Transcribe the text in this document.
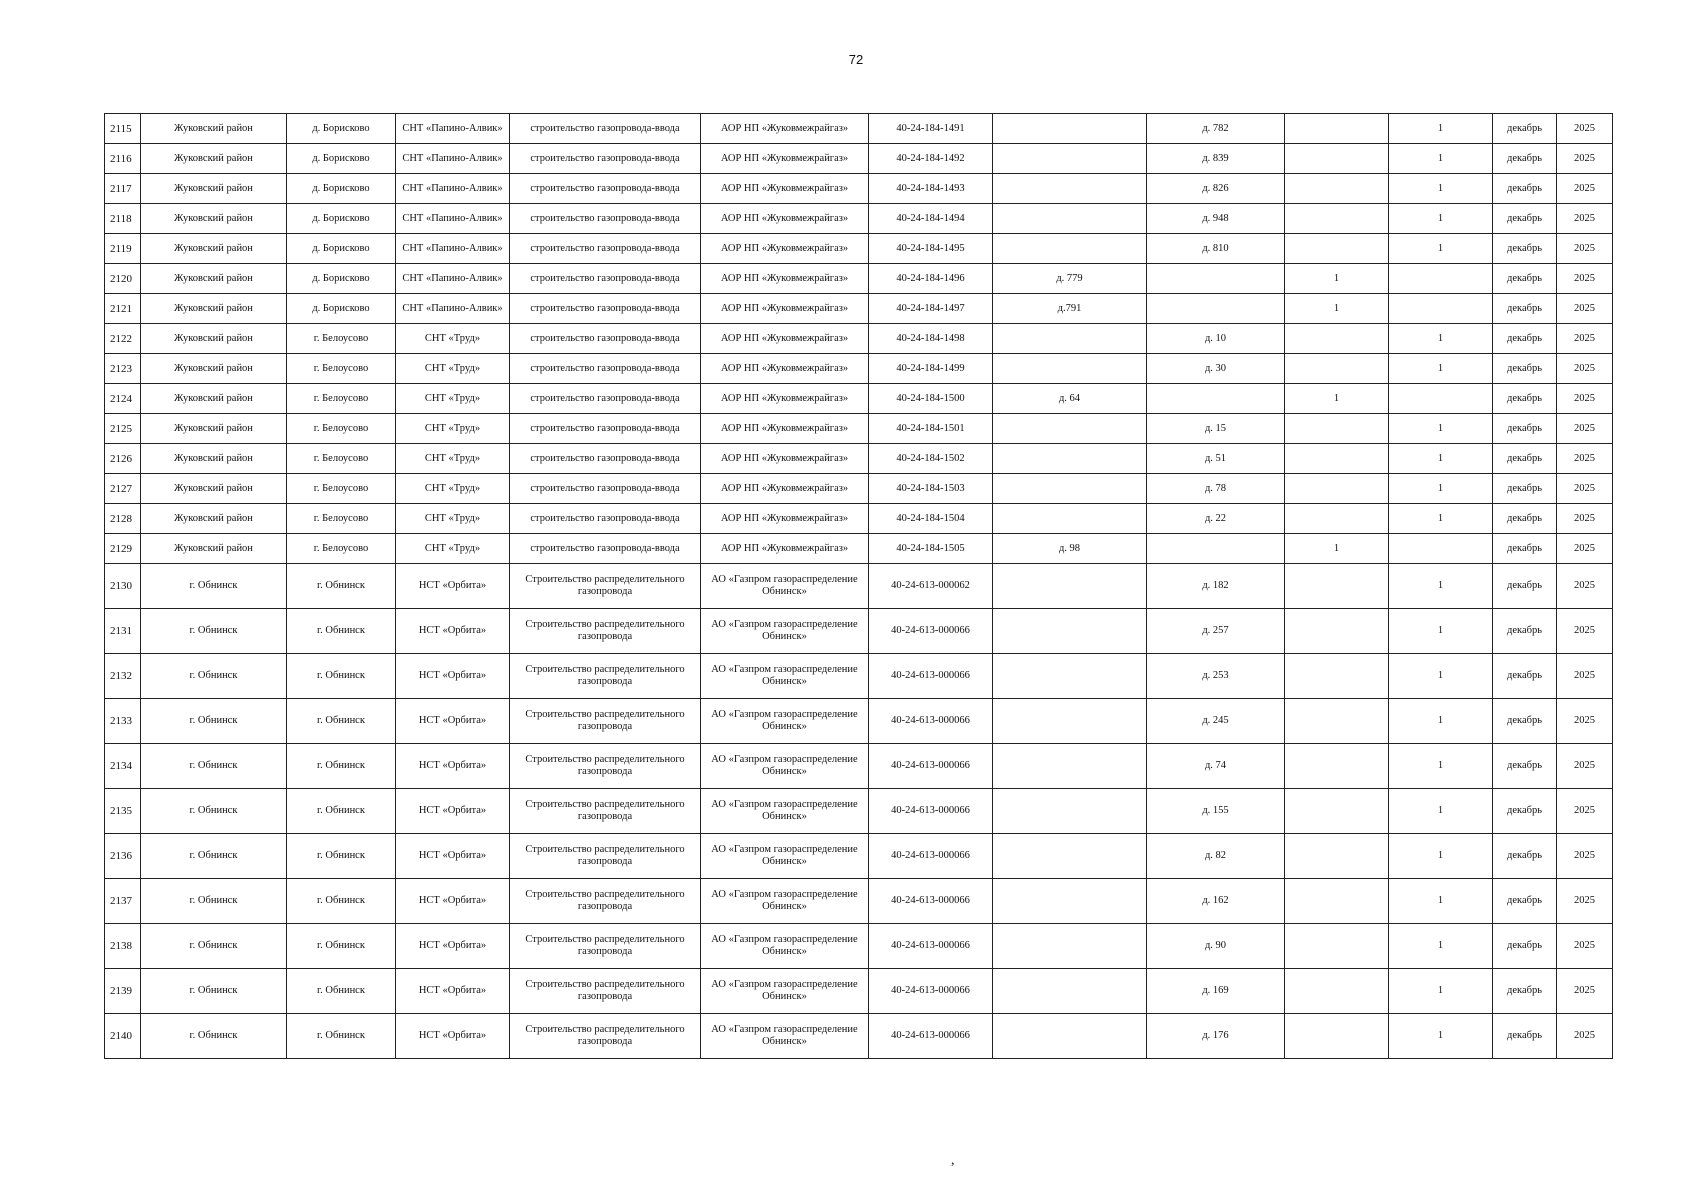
72
2115	Жуковский район	д. Борисково	СНТ «Папино-Алвик»	строительство газопровода-ввода	АОР НП «Жуковмежрайгаз»	40-24-184-1491		д. 782		1	декабрь	2025
2116	Жуковский район	д. Борисково	СНТ «Папино-Алвик»	строительство газопровода-ввода	АОР НП «Жуковмежрайгаз»	40-24-184-1492		д. 839		1	декабрь	2025
2117	Жуковский район	д. Борисково	СНТ «Папино-Алвик»	строительство газопровода-ввода	АОР НП «Жуковмежрайгаз»	40-24-184-1493		д. 826		1	декабрь	2025
2118	Жуковский район	д. Борисково	СНТ «Папино-Алвик»	строительство газопровода-ввода	АОР НП «Жуковмежрайгаз»	40-24-184-1494		д. 948		1	декабрь	2025
2119	Жуковский район	д. Борисково	СНТ «Папино-Алвик»	строительство газопровода-ввода	АОР НП «Жуковмежрайгаз»	40-24-184-1495		д. 810		1	декабрь	2025
2120	Жуковский район	д. Борисково	СНТ «Папино-Алвик»	строительство газопровода-ввода	АОР НП «Жуковмежрайгаз»	40-24-184-1496	д. 779		1		декабрь	2025
2121	Жуковский район	д. Борисково	СНТ «Папино-Алвик»	строительство газопровода-ввода	АОР НП «Жуковмежрайгаз»	40-24-184-1497	д.791		1		декабрь	2025
2122	Жуковский район	г. Белоусово	СНТ «Труд»	строительство газопровода-ввода	АОР НП «Жуковмежрайгаз»	40-24-184-1498		д. 10		1	декабрь	2025
2123	Жуковский район	г. Белоусово	СНТ «Труд»	строительство газопровода-ввода	АОР НП «Жуковмежрайгаз»	40-24-184-1499		д. 30		1	декабрь	2025
2124	Жуковский район	г. Белоусово	СНТ «Труд»	строительство газопровода-ввода	АОР НП «Жуковмежрайгаз»	40-24-184-1500	д. 64		1		декабрь	2025
2125	Жуковский район	г. Белоусово	СНТ «Труд»	строительство газопровода-ввода	АОР НП «Жуковмежрайгаз»	40-24-184-1501		д. 15		1	декабрь	2025
2126	Жуковский район	г. Белоусово	СНТ «Труд»	строительство газопровода-ввода	АОР НП «Жуковмежрайгаз»	40-24-184-1502		д. 51		1	декабрь	2025
2127	Жуковский район	г. Белоусово	СНТ «Труд»	строительство газопровода-ввода	АОР НП «Жуковмежрайгаз»	40-24-184-1503		д. 78		1	декабрь	2025
2128	Жуковский район	г. Белоусово	СНТ «Труд»	строительство газопровода-ввода	АОР НП «Жуковмежрайгаз»	40-24-184-1504		д. 22		1	декабрь	2025
2129	Жуковский район	г. Белоусово	СНТ «Труд»	строительство газопровода-ввода	АОР НП «Жуковмежрайгаз»	40-24-184-1505	д. 98		1		декабрь	2025
2130	г. Обнинск	г. Обнинск	НСТ «Орбита»	Строительство распределительного газопровода	АО «Газпром газораспределение Обнинск»	40-24-613-000062		д. 182		1	декабрь	2025
2131	г. Обнинск	г. Обнинск	НСТ «Орбита»	Строительство распределительного газопровода	АО «Газпром газораспределение Обнинск»	40-24-613-000066		д. 257		1	декабрь	2025
2132	г. Обнинск	г. Обнинск	НСТ «Орбита»	Строительство распределительного газопровода	АО «Газпром газораспределение Обнинск»	40-24-613-000066		д. 253		1	декабрь	2025
2133	г. Обнинск	г. Обнинск	НСТ «Орбита»	Строительство распределительного газопровода	АО «Газпром газораспределение Обнинск»	40-24-613-000066		д. 245		1	декабрь	2025
2134	г. Обнинск	г. Обнинск	НСТ «Орбита»	Строительство распределительного газопровода	АО «Газпром газораспределение Обнинск»	40-24-613-000066		д. 74		1	декабрь	2025
2135	г. Обнинск	г. Обнинск	НСТ «Орбита»	Строительство распределительного газопровода	АО «Газпром газораспределение Обнинск»	40-24-613-000066		д. 155		1	декабрь	2025
2136	г. Обнинск	г. Обнинск	НСТ «Орбита»	Строительство распределительного газопровода	АО «Газпром газораспределение Обнинск»	40-24-613-000066		д. 82		1	декабрь	2025
2137	г. Обнинск	г. Обнинск	НСТ «Орбита»	Строительство распределительного газопровода	АО «Газпром газораспределение Обнинск»	40-24-613-000066		д. 162		1	декабрь	2025
2138	г. Обнинск	г. Обнинск	НСТ «Орбита»	Строительство распределительного газопровода	АО «Газпром газораспределение Обнинск»	40-24-613-000066		д. 90		1	декабрь	2025
2139	г. Обнинск	г. Обнинск	НСТ «Орбита»	Строительство распределительного газопровода	АО «Газпром газораспределение Обнинск»	40-24-613-000066		д. 169		1	декабрь	2025
2140	г. Обнинск	г. Обнинск	НСТ «Орбита»	Строительство распределительного газопровода	АО «Газпром газораспределение Обнинск»	40-24-613-000066		д. 176		1	декабрь	2025
,
